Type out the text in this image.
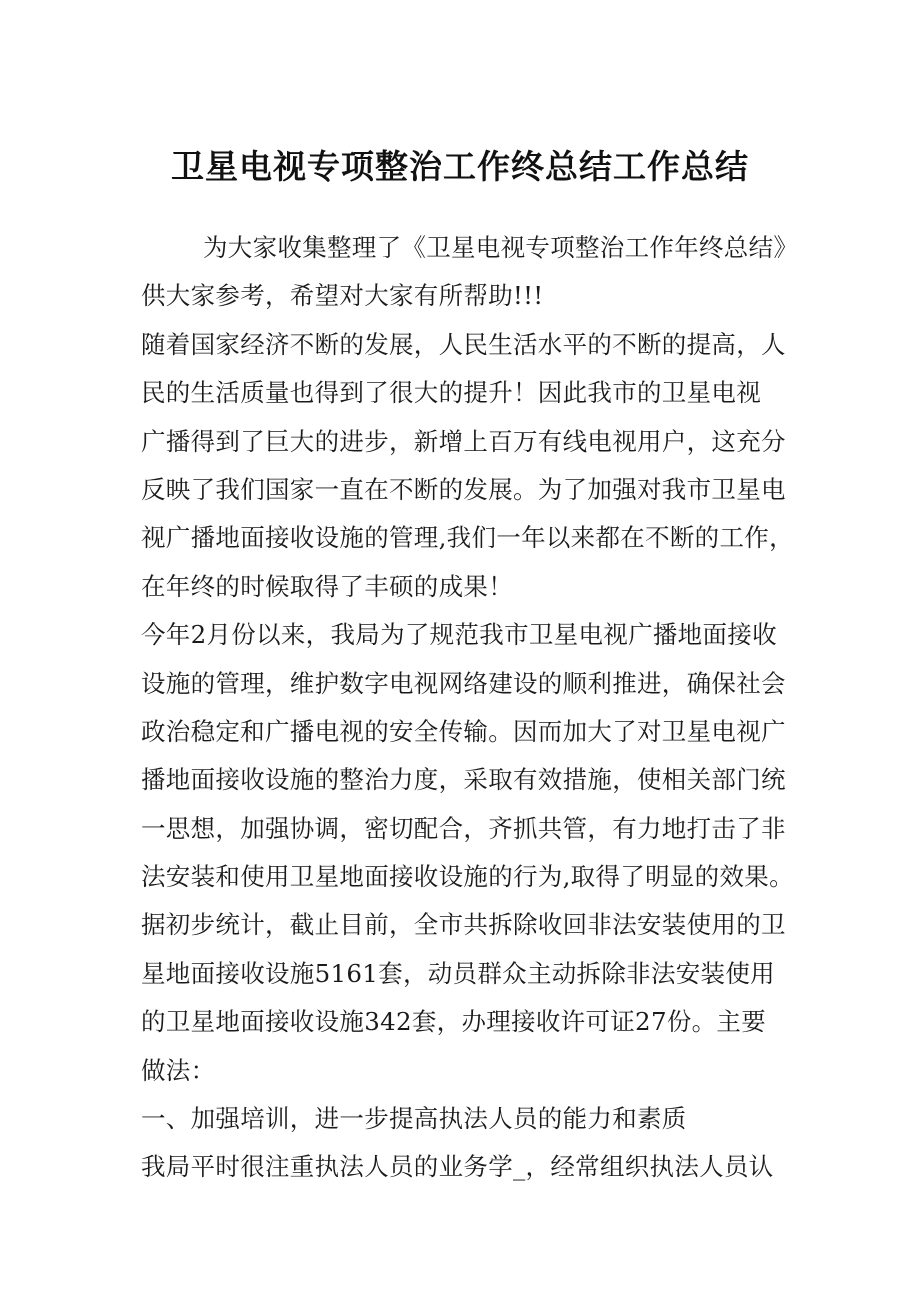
卫星电视专项整治工作终总结工作总结
为大家收集整理了《卫星电视专项整治工作年终总结》
供大家参考，希望对大家有所帮助!!!
随着国家经济不断的发展，人民生活水平的不断的提高，人
民的生活质量也得到了很大的提升！因此我市的卫星电视
广播得到了巨大的进步，新增上百万有线电视用户，这充分
反映了我们国家一直在不断的发展。为了加强对我市卫星电
视广播地面接收设施的管理,我们一年以来都在不断的工作，
在年终的时候取得了丰硕的成果！
今年2月份以来，我局为了规范我市卫星电视广播地面接收
设施的管理，维护数字电视网络建设的顺利推进，确保社会
政治稳定和广播电视的安全传输。因而加大了对卫星电视广
播地面接收设施的整治力度，采取有效措施，使相关部门统
一思想，加强协调，密切配合，齐抓共管，有力地打击了非
法安装和使用卫星地面接收设施的行为,取得了明显的效果。
据初步统计，截止目前，全市共拆除收回非法安装使用的卫
星地面接收设施5161套，动员群众主动拆除非法安装使用
的卫星地面接收设施342套，办理接收许可证27份。主要
做法：
一、加强培训，进一步提高执法人员的能力和素质
我局平时很注重执法人员的业务学_，经常组织执法人员认
